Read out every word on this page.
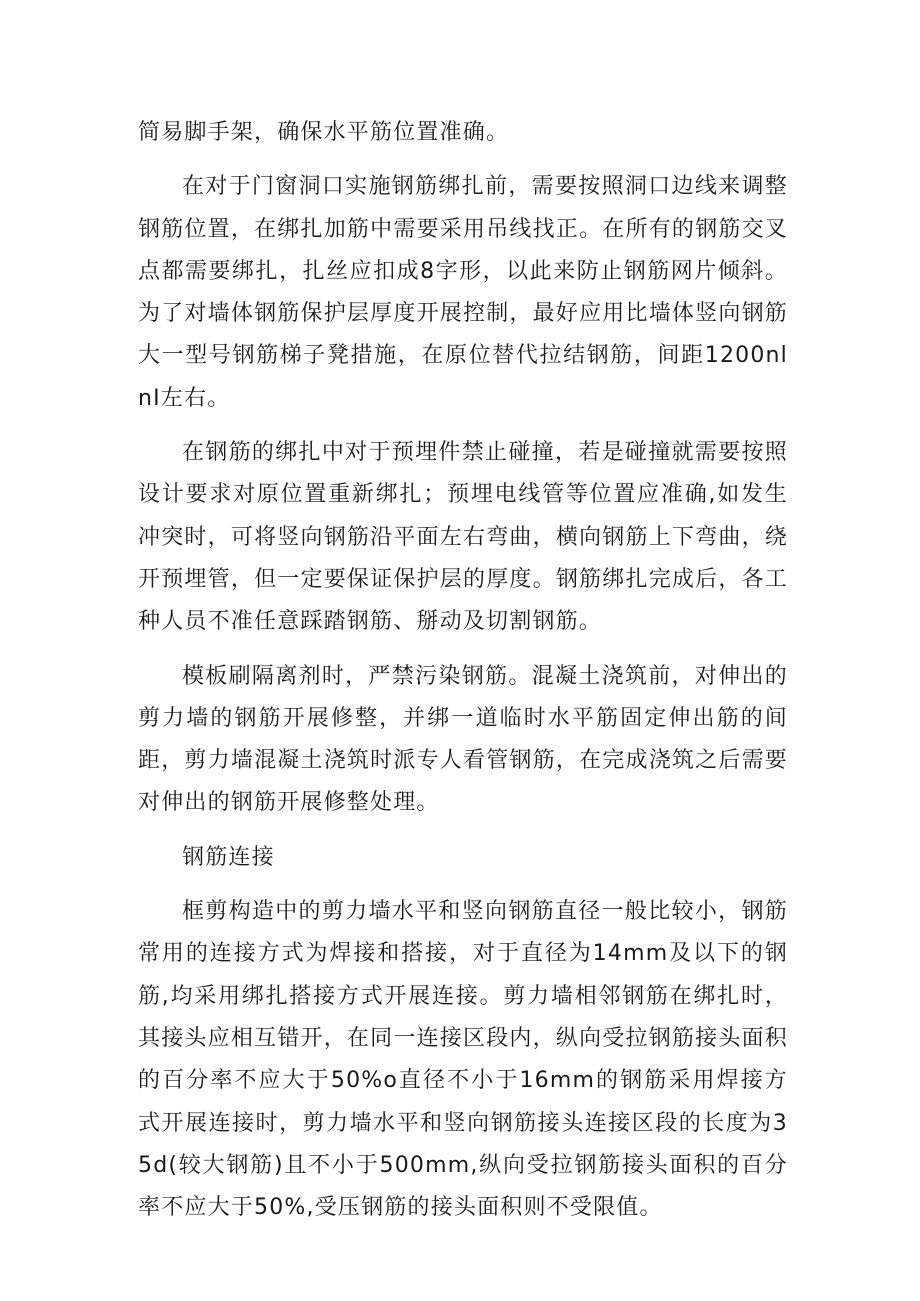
简易脚手架，确保水平筋位置准确。

在对于门窗洞口实施钢筋绑扎前，需要按照洞口边线来调整钢筋位置，在绑扎加筋中需要采用吊线找正。在所有的钢筋交叉点都需要绑扎，扎丝应扣成8字形，以此来防止钢筋网片倾斜。为了对墙体钢筋保护层厚度开展控制，最好应用比墙体竖向钢筋大一型号钢筋梯子凳措施，在原位替代拉结钢筋，间距1200nlnI左右。

在钢筋的绑扎中对于预埋件禁止碰撞，若是碰撞就需要按照设计要求对原位置重新绑扎；预埋电线管等位置应准确,如发生冲突时，可将竖向钢筋沿平面左右弯曲，横向钢筋上下弯曲，绕开预埋管，但一定要保证保护层的厚度。钢筋绑扎完成后，各工种人员不准任意踩踏钢筋、掰动及切割钢筋。

模板刷隔离剂时，严禁污染钢筋。混凝土浇筑前，对伸出的剪力墙的钢筋开展修整，并绑一道临时水平筋固定伸出筋的间距，剪力墙混凝土浇筑时派专人看管钢筋，在完成浇筑之后需要对伸出的钢筋开展修整处理。

钢筋连接

框剪构造中的剪力墙水平和竖向钢筋直径一般比较小，钢筋常用的连接方式为焊接和搭接，对于直径为14mm及以下的钢筋,均采用绑扎搭接方式开展连接。剪力墙相邻钢筋在绑扎时，其接头应相互错开，在同一连接区段内，纵向受拉钢筋接头面积的百分率不应大于50%o直径不小于16mm的钢筋采用焊接方式开展连接时，剪力墙水平和竖向钢筋接头连接区段的长度为35d(较大钢筋)且不小于500mm,纵向受拉钢筋接头面积的百分率不应大于50%,受压钢筋的接头面积则不受限值。
